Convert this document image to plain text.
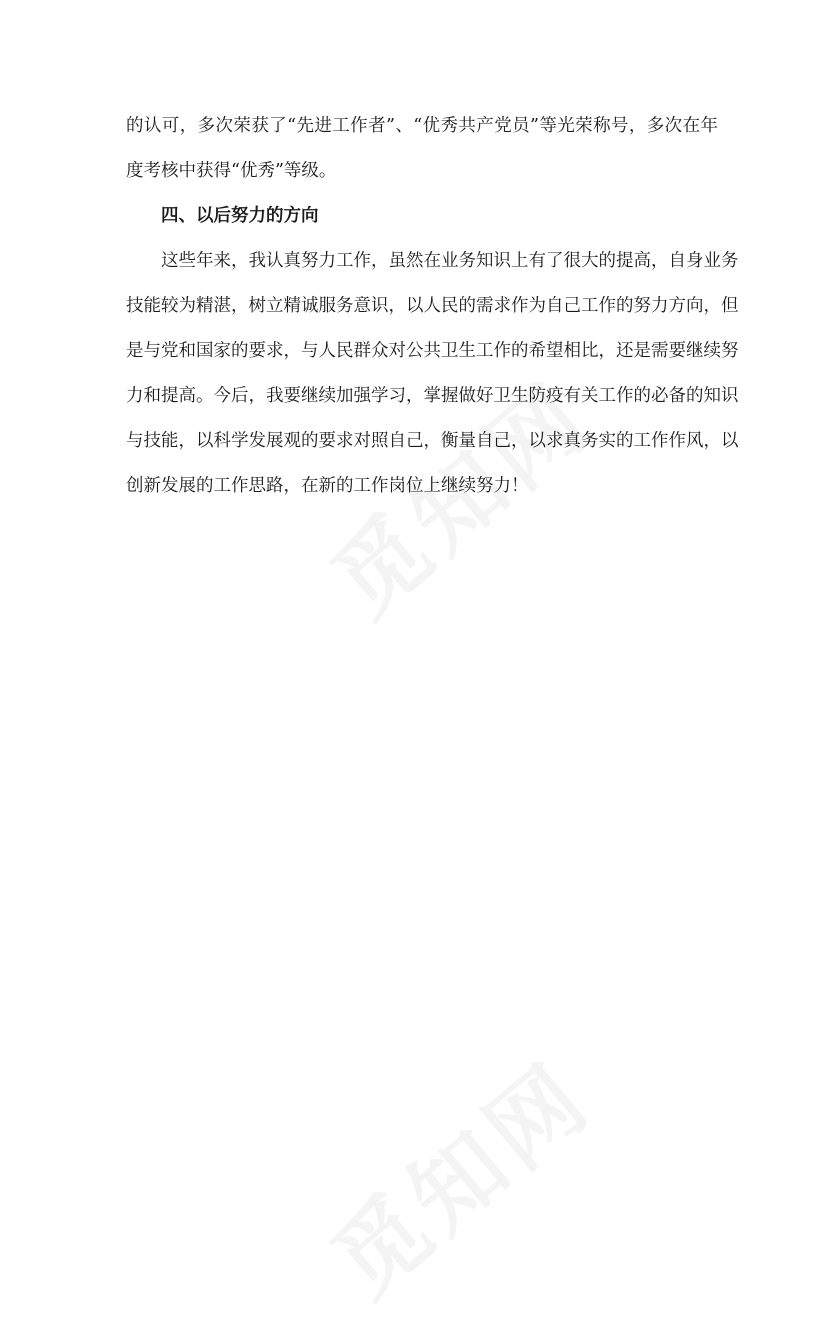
的认可，多次荣获了“先进工作者”、“优秀共产党员”等光荣称号，多次在年
度考核中获得“优秀”等级。
四、以后努力的方向
这些年来，我认真努力工作，虽然在业务知识上有了很大的提高，自身业务
技能较为精湛，树立精诚服务意识，以人民的需求作为自己工作的努力方向，但
是与党和国家的要求，与人民群众对公共卫生工作的希望相比，还是需要继续努
力和提高。今后，我要继续加强学习，掌握做好卫生防疫有关工作的必备的知识
与技能，以科学发展观的要求对照自己，衡量自己，以求真务实的工作作风，以
创新发展的工作思路，在新的工作岗位上继续努力！
